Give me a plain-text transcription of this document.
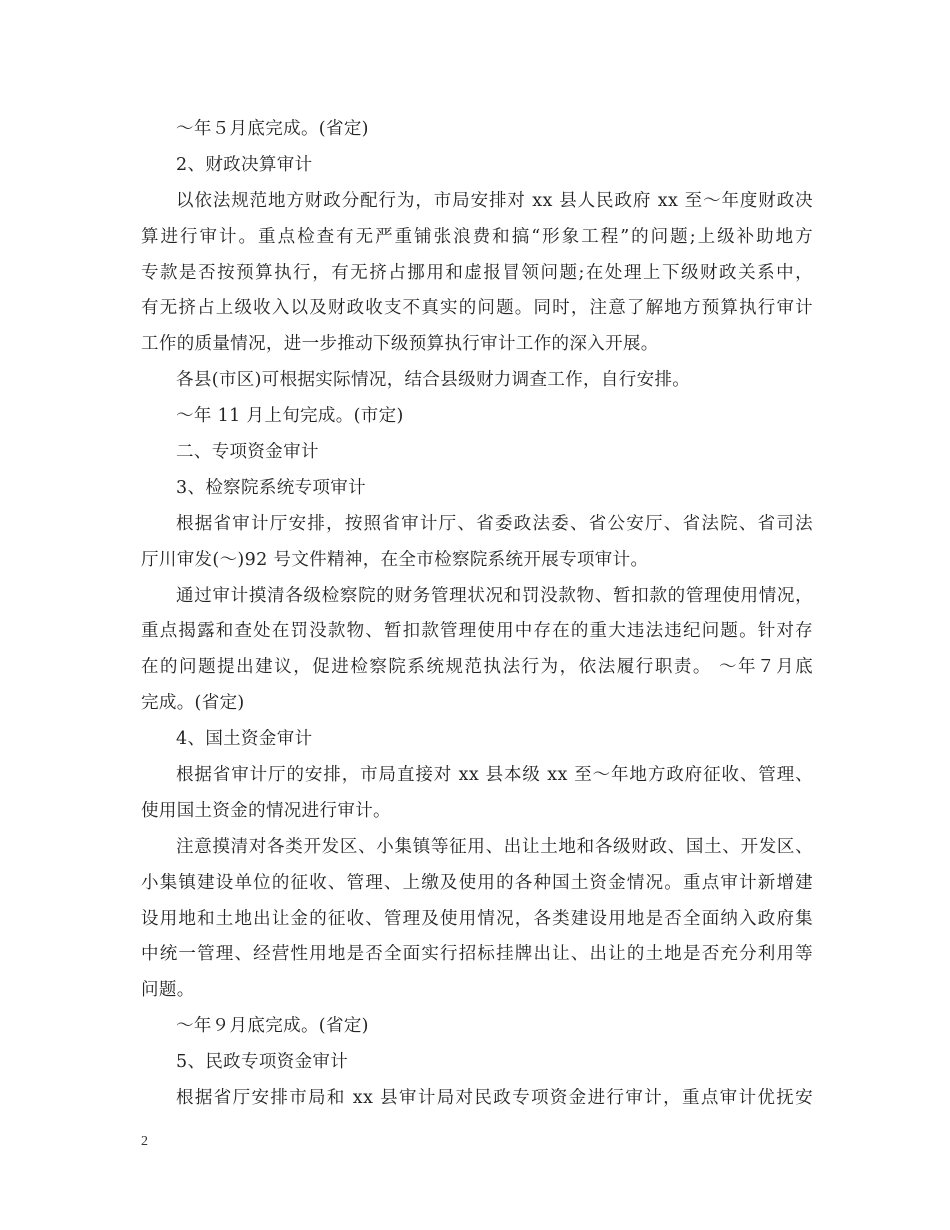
～年５月底完成。(省定)
2、财政决算审计
以依法规范地方财政分配行为，市局安排对 xx 县人民政府 xx 至～年度财政决
算进行审计。重点检查有无严重铺张浪费和搞“形象工程”的问题;上级补助地方
专款是否按预算执行，有无挤占挪用和虚报冒领问题;在处理上下级财政关系中，
有无挤占上级收入以及财政收支不真实的问题。同时，注意了解地方预算执行审计
工作的质量情况，进一步推动下级预算执行审计工作的深入开展。
各县(市区)可根据实际情况，结合县级财力调查工作，自行安排。
～年 11 月上旬完成。(市定)
二、专项资金审计
3、检察院系统专项审计
根据省审计厅安排，按照省审计厅、省委政法委、省公安厅、省法院、省司法
厅川审发(～)92 号文件精神，在全市检察院系统开展专项审计。
通过审计摸清各级检察院的财务管理状况和罚没款物、暂扣款的管理使用情况，
重点揭露和查处在罚没款物、暂扣款管理使用中存在的重大违法违纪问题。针对存
在的问题提出建议，促进检察院系统规范执法行为，依法履行职责。 ～年７月底
完成。(省定)
4、国土资金审计
根据省审计厅的安排，市局直接对 xx 县本级 xx 至～年地方政府征收、管理、
使用国土资金的情况进行审计。
注意摸清对各类开发区、小集镇等征用、出让土地和各级财政、国土、开发区、
小集镇建设单位的征收、管理、上缴及使用的各种国土资金情况。重点审计新增建
设用地和土地出让金的征收、管理及使用情况，各类建设用地是否全面纳入政府集
中统一管理、经营性用地是否全面实行招标挂牌出让、出让的土地是否充分利用等
问题。
～年９月底完成。(省定)
5、民政专项资金审计
根据省厅安排市局和 xx 县审计局对民政专项资金进行审计，重点审计优抚安
2
